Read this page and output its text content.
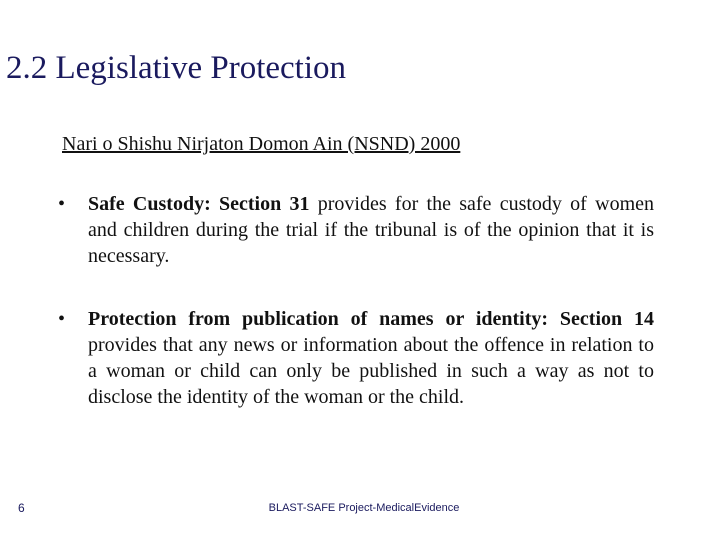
2.2 Legislative Protection
Nari o Shishu Nirjaton Domon Ain (NSND) 2000
•	Safe Custody: Section 31 provides for the safe custody of women and children during the trial if the tribunal is of the opinion that it is necessary.
•	Protection from publication of names or identity: Section 14 provides that any news or information about the offence in relation to a woman or child can only be published in such a way as not to disclose the identity of the woman or the child.
6	BLAST-SAFE Project-MedicalEvidence
